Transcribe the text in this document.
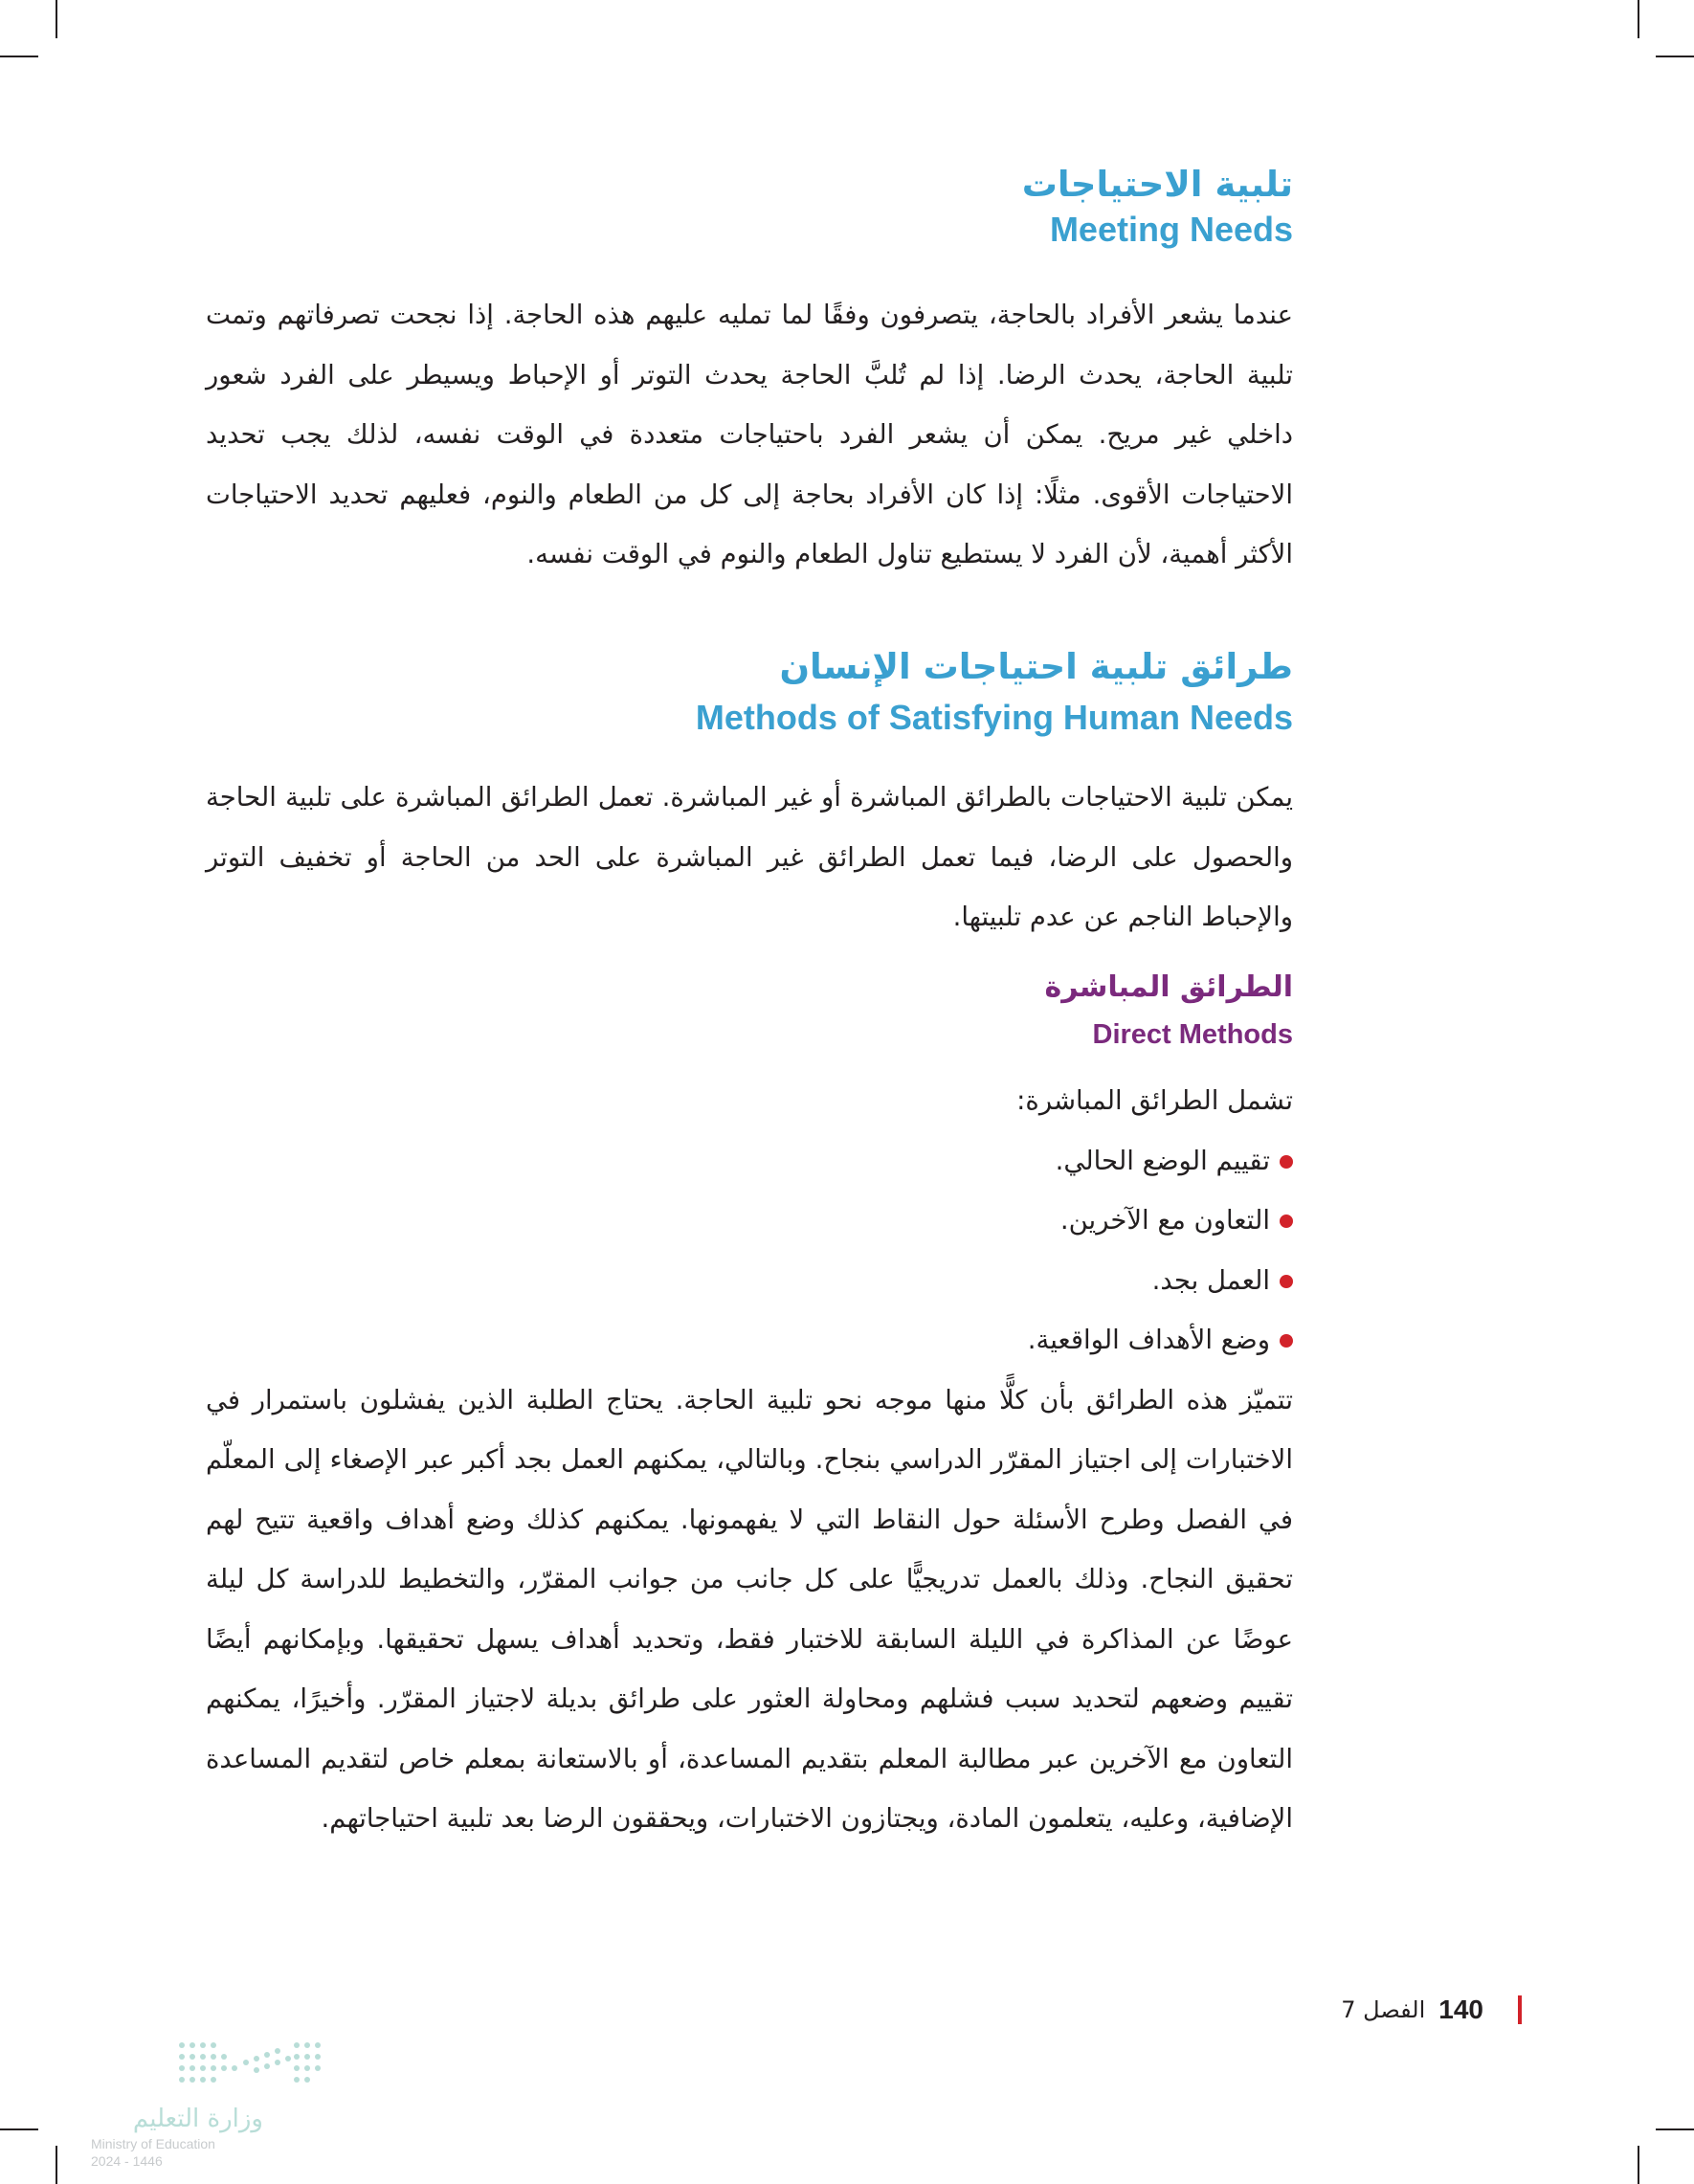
تلبية الاحتياجات
Meeting Needs

عندما يشعر الأفراد بالحاجة، يتصرفون وفقًا لما تمليه عليهم هذه الحاجة. إذا نجحت تصرفاتهم وتمت تلبية الحاجة، يحدث الرضا. إذا لم تُلبَّ الحاجة يحدث التوتر أو الإحباط ويسيطر على الفرد شعور داخلي غير مريح. يمكن أن يشعر الفرد باحتياجات متعددة في الوقت نفسه، لذلك يجب تحديد الاحتياجات الأقوى. مثلًا: إذا كان الأفراد بحاجة إلى كل من الطعام والنوم، فعليهم تحديد الاحتياجات الأكثر أهمية، لأن الفرد لا يستطيع تناول الطعام والنوم في الوقت نفسه.

طرائق تلبية احتياجات الإنسان
Methods of Satisfying Human Needs

يمكن تلبية الاحتياجات بالطرائق المباشرة أو غير المباشرة. تعمل الطرائق المباشرة على تلبية الحاجة والحصول على الرضا، فيما تعمل الطرائق غير المباشرة على الحد من الحاجة أو تخفيف التوتر والإحباط الناجم عن عدم تلبيتها.

الطرائق المباشرة
Direct Methods

تشمل الطرائق المباشرة:

تقييم الوضع الحالي.
التعاون مع الآخرين.
العمل بجد.
وضع الأهداف الواقعية.

تتميّز هذه الطرائق بأن كلًّا منها موجه نحو تلبية الحاجة. يحتاج الطلبة الذين يفشلون باستمرار في الاختبارات إلى اجتياز المقرّر الدراسي بنجاح. وبالتالي، يمكنهم العمل بجد أكبر عبر الإصغاء إلى المعلّم في الفصل وطرح الأسئلة حول النقاط التي لا يفهمونها. يمكنهم كذلك وضع أهداف واقعية تتيح لهم تحقيق النجاح. وذلك بالعمل تدريجيًّا على كل جانب من جوانب المقرّر، والتخطيط للدراسة كل ليلة عوضًا عن المذاكرة في الليلة السابقة للاختبار فقط، وتحديد أهداف يسهل تحقيقها. وبإمكانهم أيضًا تقييم وضعهم لتحديد سبب فشلهم ومحاولة العثور على طرائق بديلة لاجتياز المقرّر. وأخيرًا، يمكنهم التعاون مع الآخرين عبر مطالبة المعلم بتقديم المساعدة، أو بالاستعانة بمعلم خاص لتقديم المساعدة الإضافية، وعليه، يتعلمون المادة، ويجتازون الاختبارات، ويحققون الرضا بعد تلبية احتياجاتهم.

الفصل 7 140
وزارة التعليم
Ministry of Education
2024 - 1446
